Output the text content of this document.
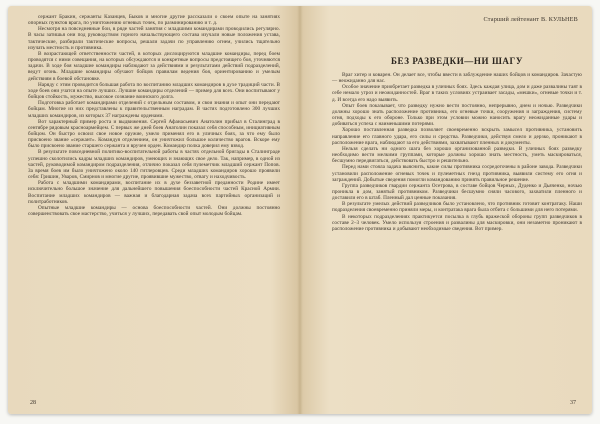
сержант Бракин, сержанты Казанцев, Быков и многие другие рассказали о своем опыте на занятиях опорных пунктов врага, по уничтожению огневых точек, по разминированию и т. д.

Несмотря на повседневные бои, в ряде частей занятия с младшими командирами проводились регулярно. В часы затишья они под руководством горного начальствующего состава изучали новые положения устава, тактические, разбирали тактические вопросы, решали задачи по управлению огнем, учились тщательно изучать местность и противника.

В возрастающей ответственности частей, в которых дислоцируются младшие командиры, перед боем проводятся с ними совещания, на которых обсуждаются и конкретные вопросы предстоящего боя, уточняются задачи. В ходе боя младшие командиры наблюдают за действиями и результатами действий подразделений, ведут огонь. Младшие командиры обучают бойцов правилам ведения боя, ориентированию и умелым действиям в боевой обстановке.

Наряду с этим проводится большая работа по воспитанию младших командиров в духе традиций части. В ходе боев они учатся на опыте лучших. Лучшие командиры отделений — пример для всех. Они воспитывают у бойцов стойкость, мужество, высокое сознание воинского долга.

Подготовка работает командирами отделений с отдельным составом, и свои знания и опыт они передают бойцам. Многие из них представлены к правительственным наградам. В частях подготовлено 300 лучших младших командиров, из которых 37 награждены орденами.

Вот характерный пример роста и выдвижения. Сергей Афанасьевич Анатолин прибыл в Сталинград в сентябре рядовым красноармейцем. С первых же дней боев Анатолин показал себя способным, инициативным бойцом. Он быстро освоил свое новое оружие, умело применял его в уличных боях, за что ему было присвоено звание «сержант». Командуя отделением, он уничтожил большое количество врагов. Вскоре ему было присвоено звание старшего сержанта и вручен орден. Командир полка доверил ему взвод.

В результате повседневной политико-воспитательной работы в частях отдельной бригады в Сталинграде успешно сколотились кадры младших командиров, умеющих и знающих свое дело. Так, например, в одной из частей, руководимой командиром подразделения, отлично показал себя пулеметчик младший сержант Попов. За время боев им было уничтожено около 140 гитлеровцев. Среди младших командиров хорошо проявили себя: Гришин, Уваров, Смирнов и многие другие, проявившие мужество, отвагу и находчивость.

Работа с младшими командирами, воспитание их в духе беззаветной преданности Родине имеет исключительно большое значение для дальнейшего повышения боеспособности частей Красной Армии. Воспитание младших командиров — важная и благодарная задача всех партийных организаций и политработников.

Опытные младшие командиры — основа боеспособности частей. Они должны постоянно совершенствовать свое мастерство, учиться у лучших, передавать свой опыт молодым бойцам.

28
Старший лейтенант В. КУЛЬНЕВ
БЕЗ РАЗВЕДКИ—НИ ШАГУ

Враг хитер и коварен. Он делает все, чтобы ввести в заблуждение наших бойцов и командиров. Зачастую — неожиданно для нас.

Особое значение приобретает разведка в уличных боях. Здесь каждая улица, дом и даже развалины таят в себе немало угроз и неожиданностей. Враг в таких условиях устраивает засады, «мешки», огневые точки и т. д. И всегда его надо выявить.

Опыт боев показывает, что разведку нужно вести постоянно, непрерывно, днем и ночью. Разведчики должны хорошо знать расположение противника, его огневые точки, сооружения и заграждения, систему огня, подходы к его обороне. Только при этом условии можно наносить врагу неожиданные удары и добиваться успеха с наименьшими потерями.

Хорошо поставленная разведка позволяет своевременно вскрыть замысел противника, установить направление его главного удара, его силы и средства. Разведчики, действуя смело и дерзко, проникают в расположение врага, наблюдают за его действиями, захватывают пленных и документы.

Нельзя сделать ни одного шага без хорошо организованной разведки. В уличных боях разведку необходимо вести мелкими группами, которые должны хорошо знать местность, уметь маскироваться, бесшумно передвигаться, действовать быстро и решительно.

Перед нами стояла задача выяснить, какие силы противника сосредоточены в районе завода. Разведчики установили расположение огневых точек и пулеметных гнезд противника, выявили систему его огня и заграждений. Добытые сведения помогли командованию принять правильное решение.

Группа разведчиков гвардии сержанта Осетрова, в составе бойцов Черных, Дуденко и Дьяченко, ночью проникла в дом, занятый противником. Разведчики бесшумно сняли часового, захватили пленного и доставили его в штаб. Пленный дал ценные показания.

В результате умелых действий разведчиков было установлено, что противник готовит контратаку. Наши подразделения своевременно приняли меры, и контратака врага была отбита с большими для него потерями.

В некоторых подразделениях практикуется посылка в глубь вражеской обороны групп разведчиков в составе 2–3 человек. Умело используя строения и развалины для маскировки, они незаметно проникают в расположение противника и добывают необходимые сведения. Вот пример.

37
